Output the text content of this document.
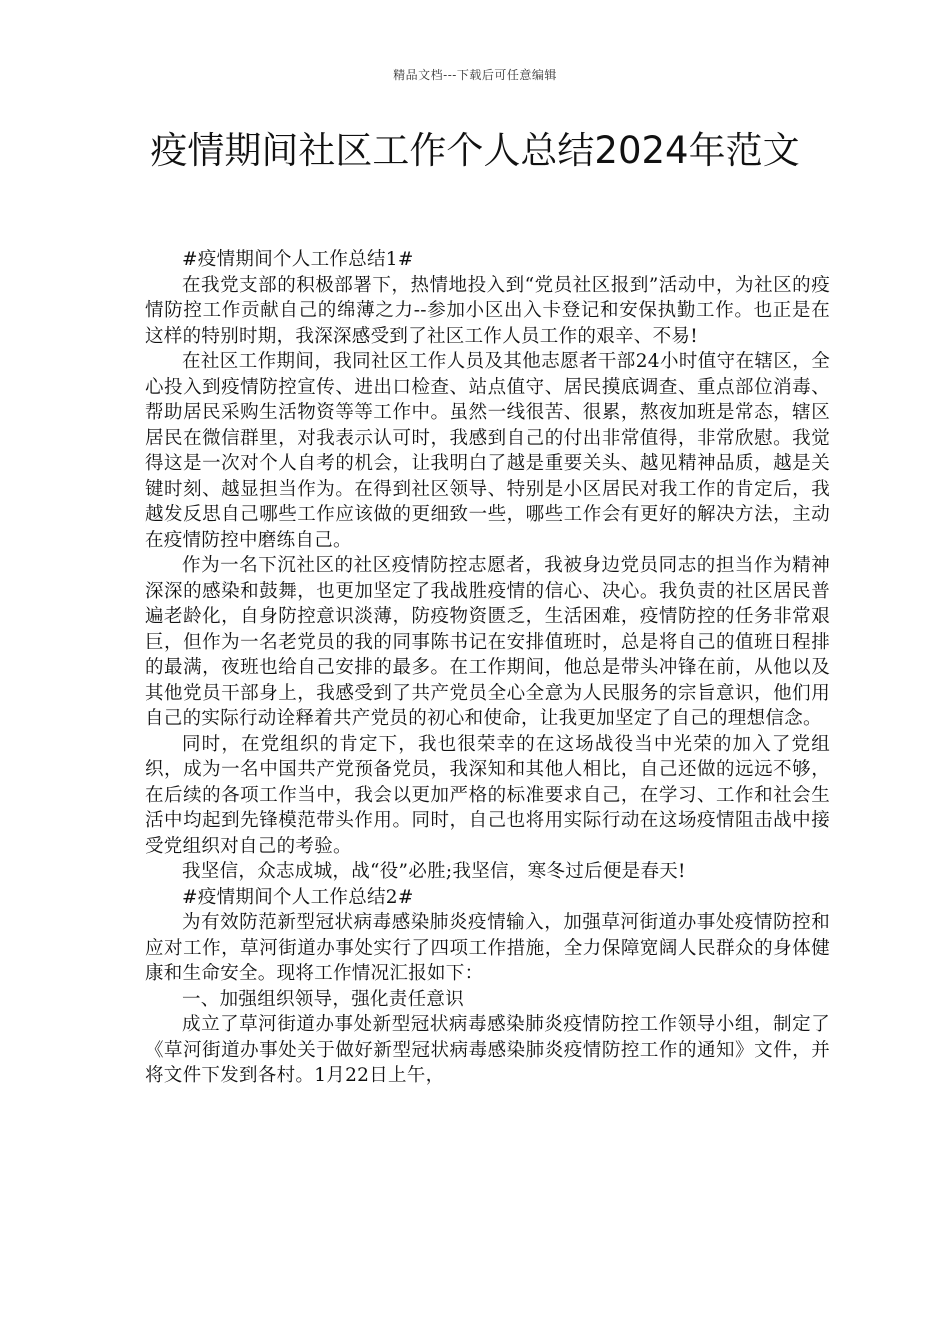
精品文档---下载后可任意编辑
疫情期间社区工作个人总结2024年范文

#疫情期间个人工作总结1#

在我党支部的积极部署下，热情地投入到“党员社区报到”活动中，为社区的疫情防控工作贡献自己的绵薄之力--参加小区出入卡登记和安保执勤工作。也正是在这样的特别时期，我深深感受到了社区工作人员工作的艰辛、不易!

在社区工作期间，我同社区工作人员及其他志愿者干部24小时值守在辖区，全心投入到疫情防控宣传、进出口检查、站点值守、居民摸底调查、重点部位消毒、帮助居民采购生活物资等等工作中。虽然一线很苦、很累，熬夜加班是常态，辖区居民在微信群里，对我表示认可时，我感到自己的付出非常值得，非常欣慰。我觉得这是一次对个人自考的机会，让我明白了越是重要关头、越见精神品质，越是关键时刻、越显担当作为。在得到社区领导、特别是小区居民对我工作的肯定后，我越发反思自己哪些工作应该做的更细致一些，哪些工作会有更好的解决方法，主动在疫情防控中磨练自己。

作为一名下沉社区的社区疫情防控志愿者，我被身边党员同志的担当作为精神深深的感染和鼓舞，也更加坚定了我战胜疫情的信心、决心。我负责的社区居民普遍老龄化，自身防控意识淡薄，防疫物资匮乏，生活困难，疫情防控的任务非常艰巨，但作为一名老党员的我的同事陈书记在安排值班时，总是将自己的值班日程排的最满，夜班也给自己安排的最多。在工作期间，他总是带头冲锋在前，从他以及其他党员干部身上，我感受到了共产党员全心全意为人民服务的宗旨意识，他们用自己的实际行动诠释着共产党员的初心和使命，让我更加坚定了自己的理想信念。

同时，在党组织的肯定下，我也很荣幸的在这场战役当中光荣的加入了党组织，成为一名中国共产党预备党员，我深知和其他人相比，自己还做的远远不够，在后续的各项工作当中，我会以更加严格的标准要求自己，在学习、工作和社会生活中均起到先锋模范带头作用。同时，自己也将用实际行动在这场疫情阻击战中接受党组织对自己的考验。

我坚信，众志成城，战“役”必胜;我坚信，寒冬过后便是春天!

#疫情期间个人工作总结2#

为有效防范新型冠状病毒感染肺炎疫情输入，加强草河街道办事处疫情防控和应对工作，草河街道办事处实行了四项工作措施，全力保障宽阔人民群众的身体健康和生命安全。现将工作情况汇报如下：

一、加强组织领导，强化责任意识

成立了草河街道办事处新型冠状病毒感染肺炎疫情防控工作领导小组，制定了《草河街道办事处关于做好新型冠状病毒感染肺炎疫情防控工作的通知》文件，并将文件下发到各村。1月22日上午，
